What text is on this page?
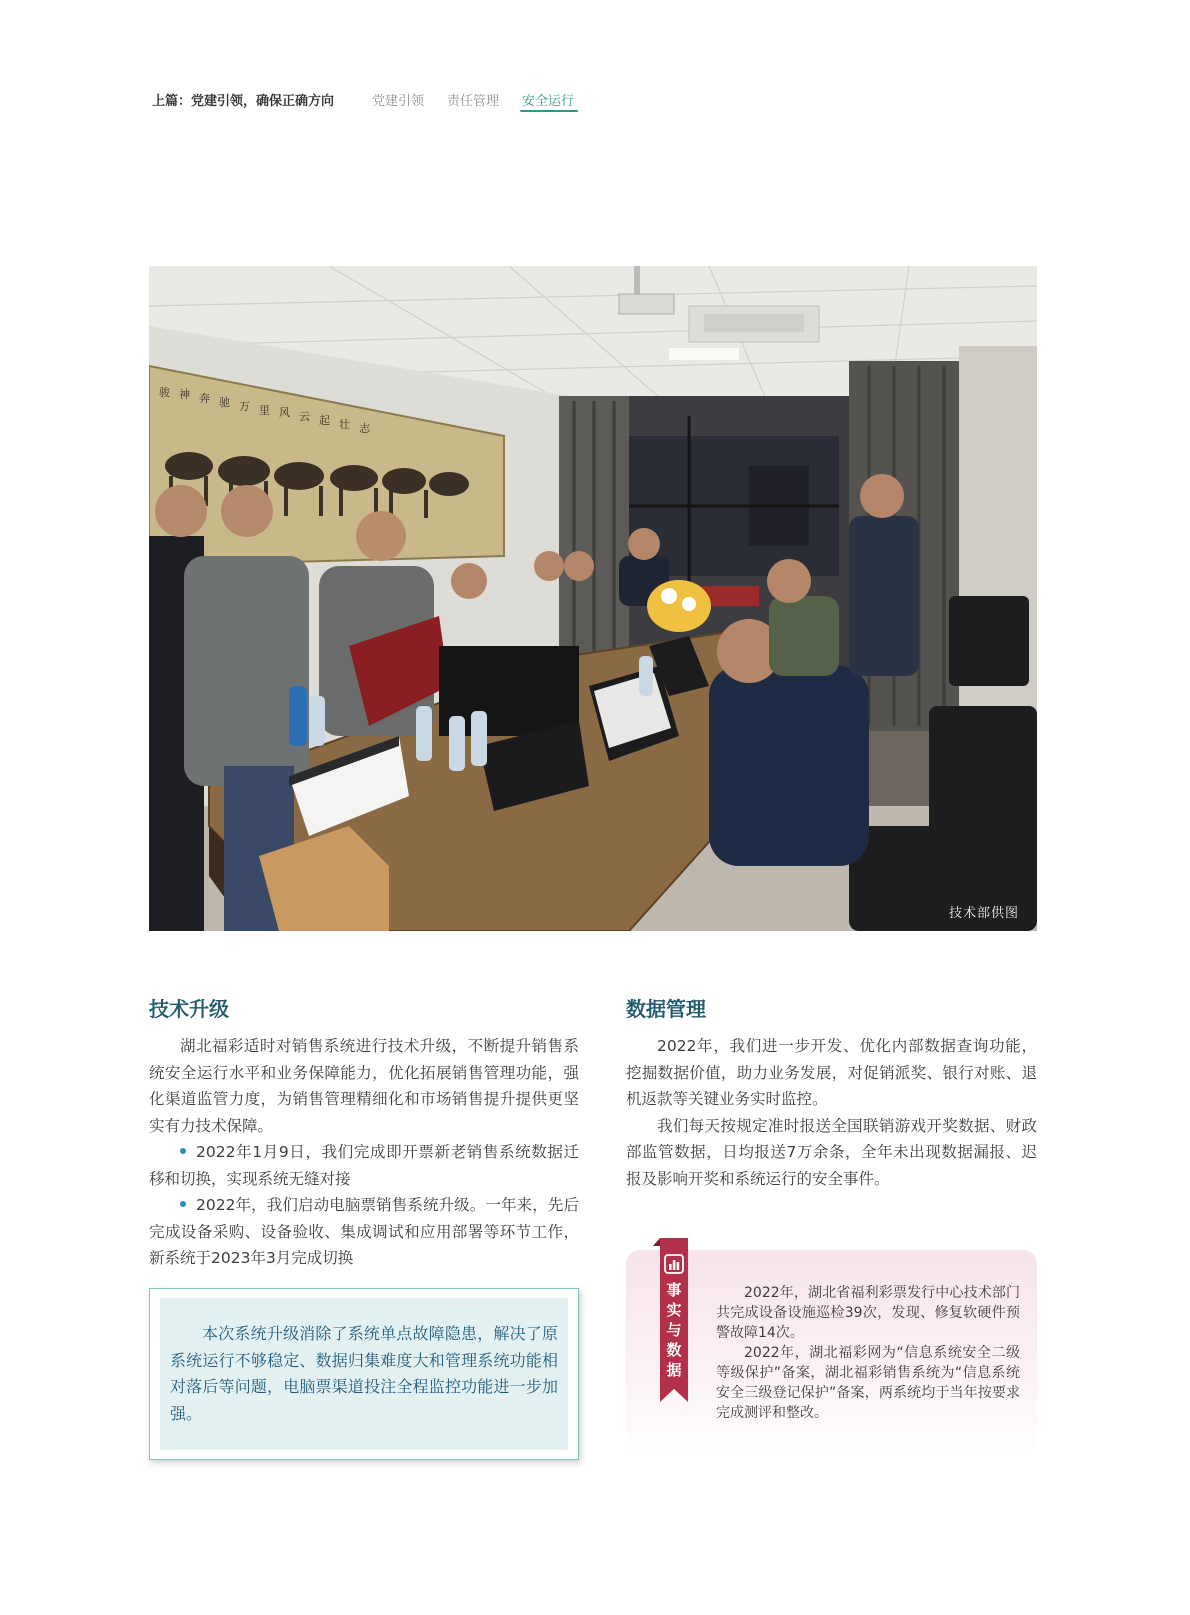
上篇：党建引领，确保正确方向	党建引领 责任管理 安全运行
骏 神 奔 驰 万 里 风 云 起 壮 志
技术部供图
技术升级

湖北福彩适时对销售系统进行技术升级，不断提升销售系统安全运行水平和业务保障能力，优化拓展销售管理功能，强化渠道监管力度，为销售管理精细化和市场销售提升提供更坚实有力技术保障。

2022年1月9日，我们完成即开票新老销售系统数据迁移和切换，实现系统无缝对接

2022年，我们启动电脑票销售系统升级。一年来，先后完成设备采购、设备验收、集成调试和应用部署等环节工作，新系统于2023年3月完成切换

本次系统升级消除了系统单点故障隐患，解决了原系统运行不够稳定、数据归集难度大和管理系统功能相对落后等问题，电脑票渠道投注全程监控功能进一步加强。
数据管理

2022年，我们进一步开发、优化内部数据查询功能，挖掘数据价值，助力业务发展，对促销派奖、银行对账、退机返款等关键业务实时监控。

我们每天按规定准时报送全国联销游戏开奖数据、财政部监管数据，日均报送7万余条，全年未出现数据漏报、迟报及影响开奖和系统运行的安全事件。

事
实
与
数
据

2022年，湖北省福利彩票发行中心技术部门共完成设备设施巡检39次，发现、修复软硬件预警故障14次。

2022年，湖北福彩网为“信息系统安全二级等级保护”备案，湖北福彩销售系统为“信息系统安全三级登记保护”备案，两系统均于当年按要求完成测评和整改。
